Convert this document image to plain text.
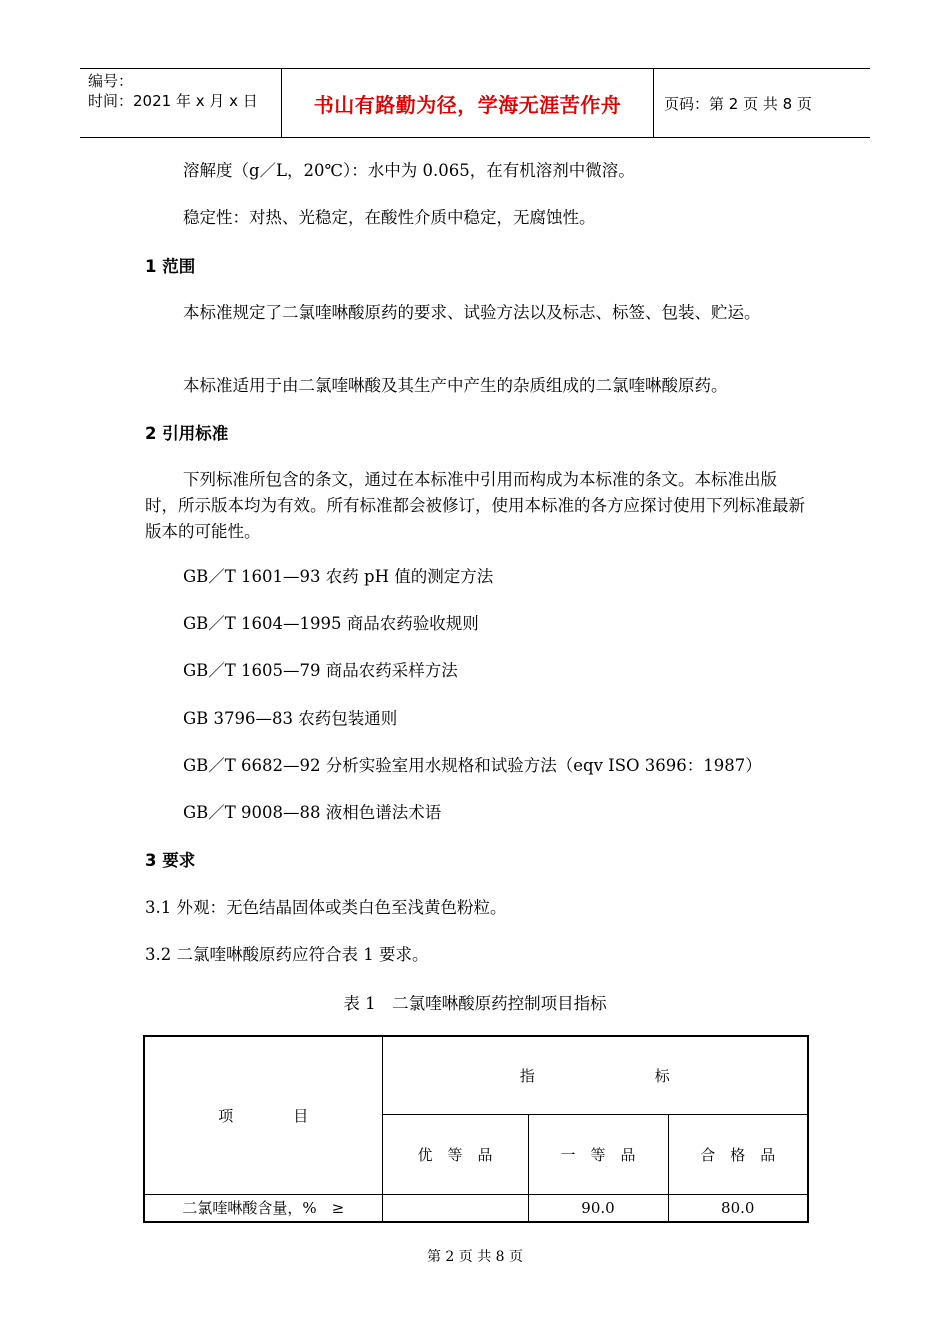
编号：
时间：2021 年 x 月 x 日	书山有路勤为径，学海无涯苦作舟	页码：第 2 页 共 8 页
溶解度（g／L，20℃）：水中为 0.065，在有机溶剂中微溶。
稳定性：对热、光稳定，在酸性介质中稳定，无腐蚀性。
1 范围
本标准规定了二氯喹啉酸原药的要求、试验方法以及标志、标签、包装、贮运。
本标准适用于由二氯喹啉酸及其生产中产生的杂质组成的二氯喹啉酸原药。
2 引用标准
下列标准所包含的条文，通过在本标准中引用而构成为本标准的条文。本标准出版时，所示版本均为有效。所有标准都会被修订，使用本标准的各方应探讨使用下列标准最新版本的可能性。
GB／T 1601—93 农药 pH 值的测定方法
GB／T 1604—1995 商品农药验收规则
GB／T 1605—79 商品农药采样方法
GB 3796—83 农药包装通则
GB／T 6682—92 分析实验室用水规格和试验方法（eqv ISO 3696：1987）
GB／T 9008—88 液相色谱法术语
3 要求
3.1 外观：无色结晶固体或类白色至浅黄色粉粒。
3.2 二氯喹啉酸原药应符合表 1 要求。
表 1　二氯喹啉酸原药控制项目指标
项　　　　目	指　　　　　　　　标		
	优　等　品	一　等　品	合　格　品
二氯喹啉酸含量，%　≥		90.0	80.0
第 2 页 共 8 页
